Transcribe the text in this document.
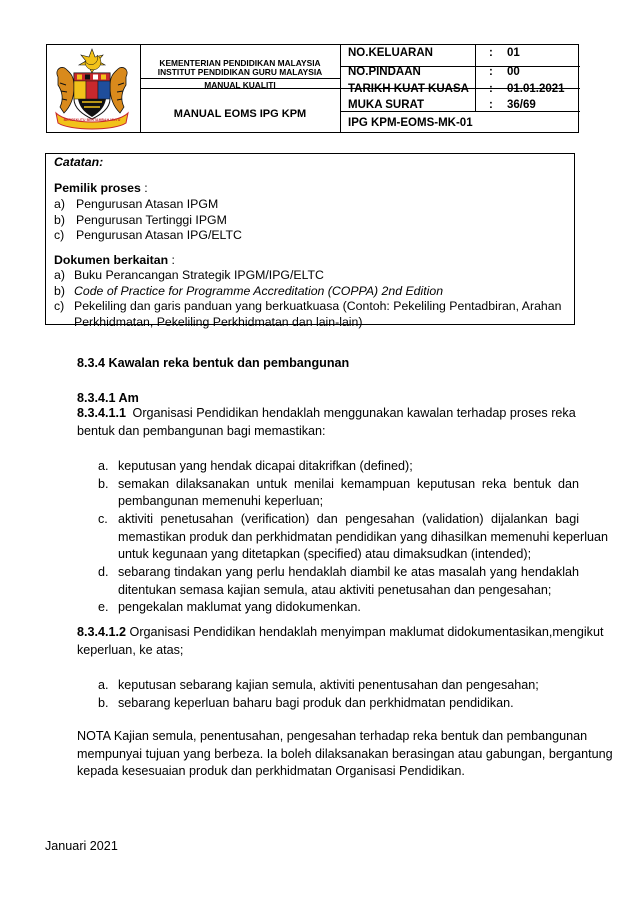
BERSEKUTU BERTAMBAH MUTU
KEMENTERIAN PENDIDIKAN MALAYSIA
INSTITUT PENDIDIKAN GURU MALAYSIA
MANUAL KUALITI
MANUAL EOMS IPG KPM
NO.KELUARAN	: 01
NO.PINDAAN	: 00
TARIKH KUAT KUASA : 01.01.2021
MUKA SURAT	: 36/69
IPG KPM-EOMS-MK-01
Catatan:
Pemilik proses :
a) Pengurusan Atasan IPGM
b) Pengurusan Tertinggi IPGM
c) Pengurusan Atasan IPG/ELTC
Dokumen berkaitan :
a) Buku Perancangan Strategik IPGM/IPG/ELTC
b) Code of Practice for Programme Accreditation (COPPA) 2nd Edition
c) Pekeliling dan garis panduan yang berkuatkuasa (Contoh: Pekeliling Pentadbiran, Arahan
Perkhidmatan, Pekeliling Perkhidmatan dan lain-lain)
8.3.4 Kawalan reka bentuk dan pembangunan
8.3.4.1 Am
8.3.4.1.1 Organisasi Pendidikan hendaklah menggunakan kawalan terhadap proses reka
bentuk dan pembangunan bagi memastikan:
a. keputusan yang hendak dicapai ditakrifkan (defined);
b. semakan dilaksanakan untuk menilai kemampuan keputusan reka bentuk dan
pembangunan memenuhi keperluan;
c. aktiviti penetusahan (verification) dan pengesahan (validation) dijalankan bagi
memastikan produk dan perkhidmatan pendidikan yang dihasilkan memenuhi keperluan
untuk kegunaan yang ditetapkan (specified) atau dimaksudkan (intended);
d. sebarang tindakan yang perlu hendaklah diambil ke atas masalah yang hendaklah
ditentukan semasa kajian semula, atau aktiviti penetusahan dan pengesahan;
e. pengekalan maklumat yang didokumenkan.
8.3.4.1.2 Organisasi Pendidikan hendaklah menyimpan maklumat didokumentasikan,mengikut
keperluan, ke atas;
a. keputusan sebarang kajian semula, aktiviti penentusahan dan pengesahan;
b. sebarang keperluan baharu bagi produk dan perkhidmatan pendidikan.
NOTA Kajian semula, penentusahan, pengesahan terhadap reka bentuk dan pembangunan
mempunyai tujuan yang berbeza. Ia boleh dilaksanakan berasingan atau gabungan, bergantung
kepada kesesuaian produk dan perkhidmatan Organisasi Pendidikan.
Januari 2021
